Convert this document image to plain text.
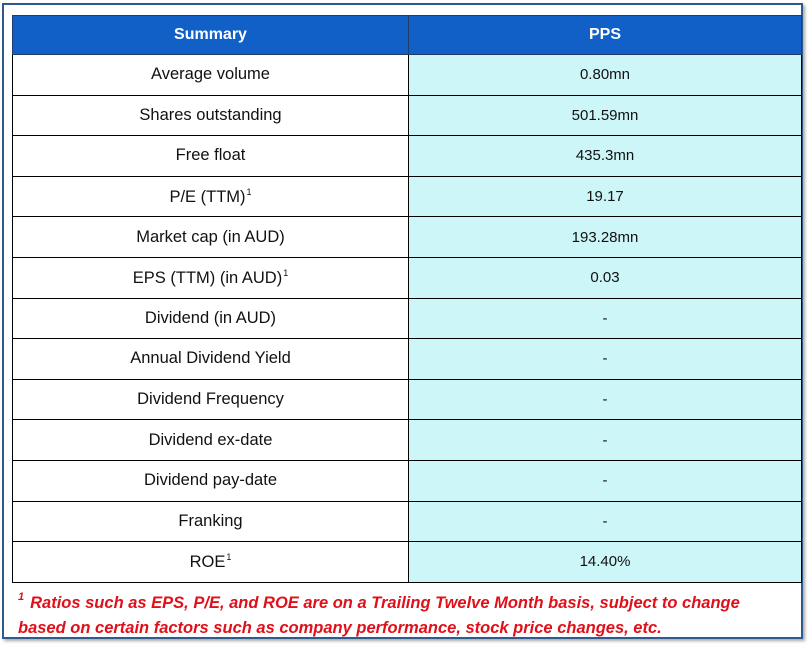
Summary	PPS
Average volume	0.80mn
Shares outstanding	501.59mn
Free float	435.3mn
P/E (TTM)$^1$	19.17
Market cap (in AUD)	193.28mn
EPS (TTM) (in AUD)$^1$	0.03
Dividend (in AUD)	-
Annual Dividend Yield	-
Dividend Frequency	-
Dividend ex-date	-
Dividend pay-date	-
Franking	-
ROE$^1$	14.40%
$^1$ Ratios such as EPS, P/E, and ROE are on a Trailing Twelve Month basis, subject to change
based on certain factors such as company performance, stock price changes, etc.
